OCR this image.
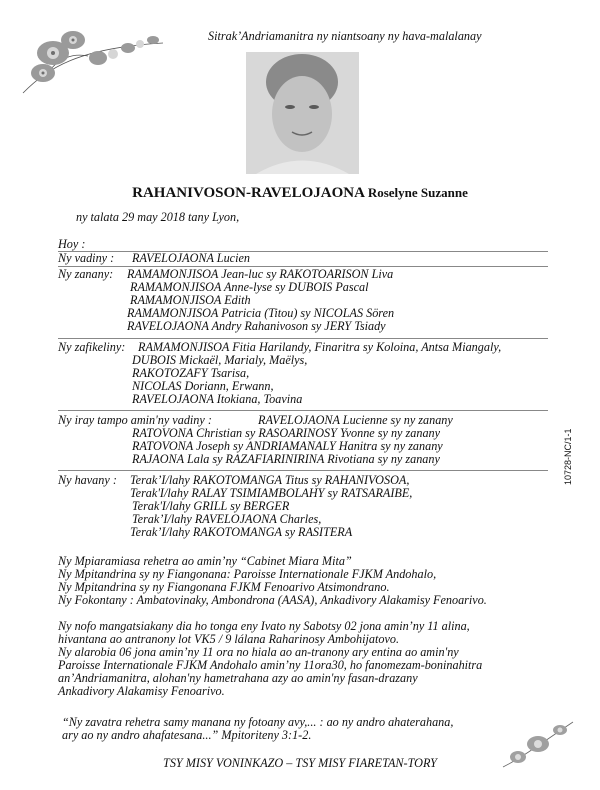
Sitrak’Andriamanitra ny niantsoany ny hava-malalanay
RAHANIVOSON-RAVELOJAONA Roselyne Suzanne
ny talata 29 may 2018 tany Lyon,
Hoy :
Ny vadiny : RAVELOJAONA Lucien
Ny zanany: RAMAMONJISOA Jean-luc sy RAKOTOARISON Liva
RAMAMONJISOA Anne-lyse sy DUBOIS Pascal
RAMAMONJISOA Edith
RAMAMONJISOA Patricia (Titou) sy NICOLAS Sören
RAVELOJAONA Andry Rahanivoson sy JERY Tsiady
Ny zafikeliny: RAMAMONJISOA Fitia Harilandy, Finaritra sy Koloina, Antsa Miangaly,
DUBOIS Mickaël, Marialy, Maëlys,
RAKOTOZAFY Tsarisa,
NICOLAS Doriann, Erwann,
RAVELOJAONA Itokiana, Toavina
Ny iray tampo amin'ny vadiny :	RAVELOJAONA Lucienne sy ny zanany
RATOVONA Christian sy RASOARINOSY Yvonne sy ny zanany
RATOVONA Joseph sy ANDRIAMANALY Hanitra sy ny zanany
RAJAONA Lala sy RAZAFIARINIRINA Rivotiana sy ny zanany
Ny havany : Terak’I/lahy RAKOTOMANGA Titus sy RAHANIVOSOA,
Terak'I/lahy RALAY TSIMIAMBOLAHY sy RATSARAIBE,
Terak'I/lahy GRILL sy BERGER
Terak’I/lahy RAVELOJAONA Charles,
Terak’I/lahy RAKOTOMANGA sy RASITERA
10728-NC/1-1
Ny Mpiaramiasa rehetra ao amin’ny “Cabinet Miara Mita”
Ny Mpitandrina sy ny Fiangonana: Paroisse Internationale FJKM Andohalo,
Ny Mpitandrina sy ny Fiangonana FJKM Fenoarivo Atsimondrano.
Ny Fokontany : Ambatovinaky, Ambondrona (AASA), Ankadivory Alakamisy Fenoarivo.
Ny nofo mangatsiakany dia ho tonga eny Ivato ny Sabotsy 02 jona amin’ny 11 alina,
hivantana ao antranony lot VK5 / 9 lálana Raharinosy Ambohijatovo.
Ny alarobia 06 jona amin’ny 11 ora no hiala ao an-tranony ary entina ao amin'ny
Paroisse Internationale FJKM Andohalo amin’ny 11ora30, ho fanomezam-boninahitra
an’Andriamanitra, alohan'ny hametrahana azy ao amin'ny fasan-drazany
Ankadivory Alakamisy Fenoarivo.
“Ny zavatra rehetra samy manana ny fotoany avy,... : ao ny andro ahaterahana,
ary ao ny andro ahafatesana...” Mpitoriteny 3:1-2.
TSY MISY VONINKAZO – TSY MISY FIARETAN-TORY
